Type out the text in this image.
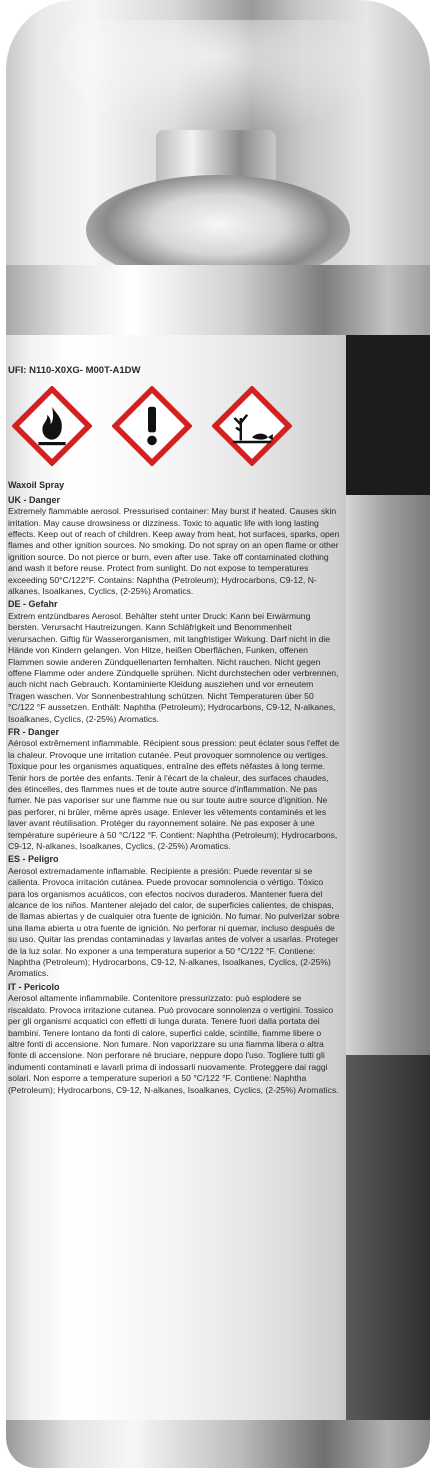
UFI: N110-X0XG- M00T-A1DW
Waxoil Spray
UK - Danger
Extremely flammable aerosol. Pressurised container: May burst if heated. Causes skin irritation. May cause drowsiness or dizziness. Toxic to aquatic life with long lasting effects. Keep out of reach of children. Keep away from heat, hot surfaces, sparks, open flames and other ignition sources. No smoking. Do not spray on an open flame or other ignition source. Do not pierce or burn, even after use. Take off contaminated clothing and wash it before reuse. Protect from sunlight. Do not expose to temperatures exceeding 50°C/122°F. Contains: Naphtha (Petroleum); Hydrocarbons, C9-12, N-alkanes, Isoalkanes, Cyclics, (2-25%) Aromatics.
DE - Gefahr
Extrem entzündbares Aerosol. Behälter steht unter Druck: Kann bei Erwärmung bersten. Verursacht Hautreizungen. Kann Schläfrigkeit und Benommenheit verursachen. Giftig für Wasserorganismen, mit langfristiger Wirkung. Darf nicht in die Hände von Kindern gelangen. Von Hitze, heißen Oberflächen, Funken, offenen Flammen sowie anderen Zündquellenarten fernhalten. Nicht rauchen. Nicht gegen offene Flamme oder andere Zündquelle sprühen. Nicht durchstechen oder verbrennen, auch nicht nach Gebrauch. Kontaminierte Kleidung ausziehen und vor erneutem Tragen waschen. Vor Sonnenbestrahlung schützen. Nicht Temperaturen über 50 °C/122 °F aussetzen. Enthält: Naphtha (Petroleum); Hydrocarbons, C9-12, N-alkanes, Isoalkanes, Cyclics, (2-25%) Aromatics.
FR - Danger
Aérosol extrêmement inflammable. Récipient sous pression: peut éclater sous l'effet de la chaleur. Provoque une irritation cutanée. Peut provoquer somnolence ou vertiges. Toxique pour les organismes aquatiques, entraîne des effets néfastes à long terme. Tenir hors de portée des enfants. Tenir à l'écart de la chaleur, des surfaces chaudes, des étincelles, des flammes nues et de toute autre source d'inflammation. Ne pas fumer. Ne pas vaporiser sur une flamme nue ou sur toute autre source d'ignition. Ne pas perforer, ni brûler, même après usage. Enlever les vêtements contaminés et les laver avant réutilisation. Protéger du rayonnement solaire. Ne pas exposer à une température supérieure à 50 °C/122 °F. Contient: Naphtha (Petroleum); Hydrocarbons, C9-12, N-alkanes, Isoalkanes, Cyclics, (2-25%) Aromatics.
ES - Peligro
Aerosol extremadamente inflamable. Recipiente a presión: Puede reventar si se calienta. Provoca irritación cutánea. Puede provocar somnolencia o vértigo. Tóxico para los organismos acuáticos, con efectos nocivos duraderos. Mantener fuera del alcance de los niños. Mantener alejado del calor, de superficies calientes, de chispas, de llamas abiertas y de cualquier otra fuente de ignición. No fumar. No pulverizar sobre una llama abierta u otra fuente de ignición. No perforar ni quemar, incluso después de su uso. Quitar las prendas contaminadas y lavarlas antes de volver a usarlas. Proteger de la luz solar. No exponer a una temperatura superior a 50 °C/122 °F. Contiene: Naphtha (Petroleum); Hydrocarbons, C9-12, N-alkanes, Isoalkanes, Cyclics, (2-25%) Aromatics.
IT - Pericolo
Aerosol altamente infiammabile. Contenitore pressurizzato: può esplodere se riscaldato. Provoca irritazione cutanea. Può provocare sonnolenza o vertigini. Tossico per gli organismi acquatici con effetti di lunga durata. Tenere fuori dalla portata dei bambini. Tenere lontano da fonti di calore, superfici calde, scintille, fiamme libere o altre fonti di accensione. Non fumare. Non vaporizzare su una fiamma libera o altra fonte di accensione. Non perforare né bruciare, neppure dopo l'uso. Togliere tutti gli indumenti contaminati e lavarli prima di indossarli nuovamente. Proteggere dai raggi solari. Non esporre a temperature superiori a 50 °C/122 °F. Contiene: Naphtha (Petroleum); Hydrocarbons, C9-12, N-alkanes, Isoalkanes, Cyclics, (2-25%) Aromatics.
